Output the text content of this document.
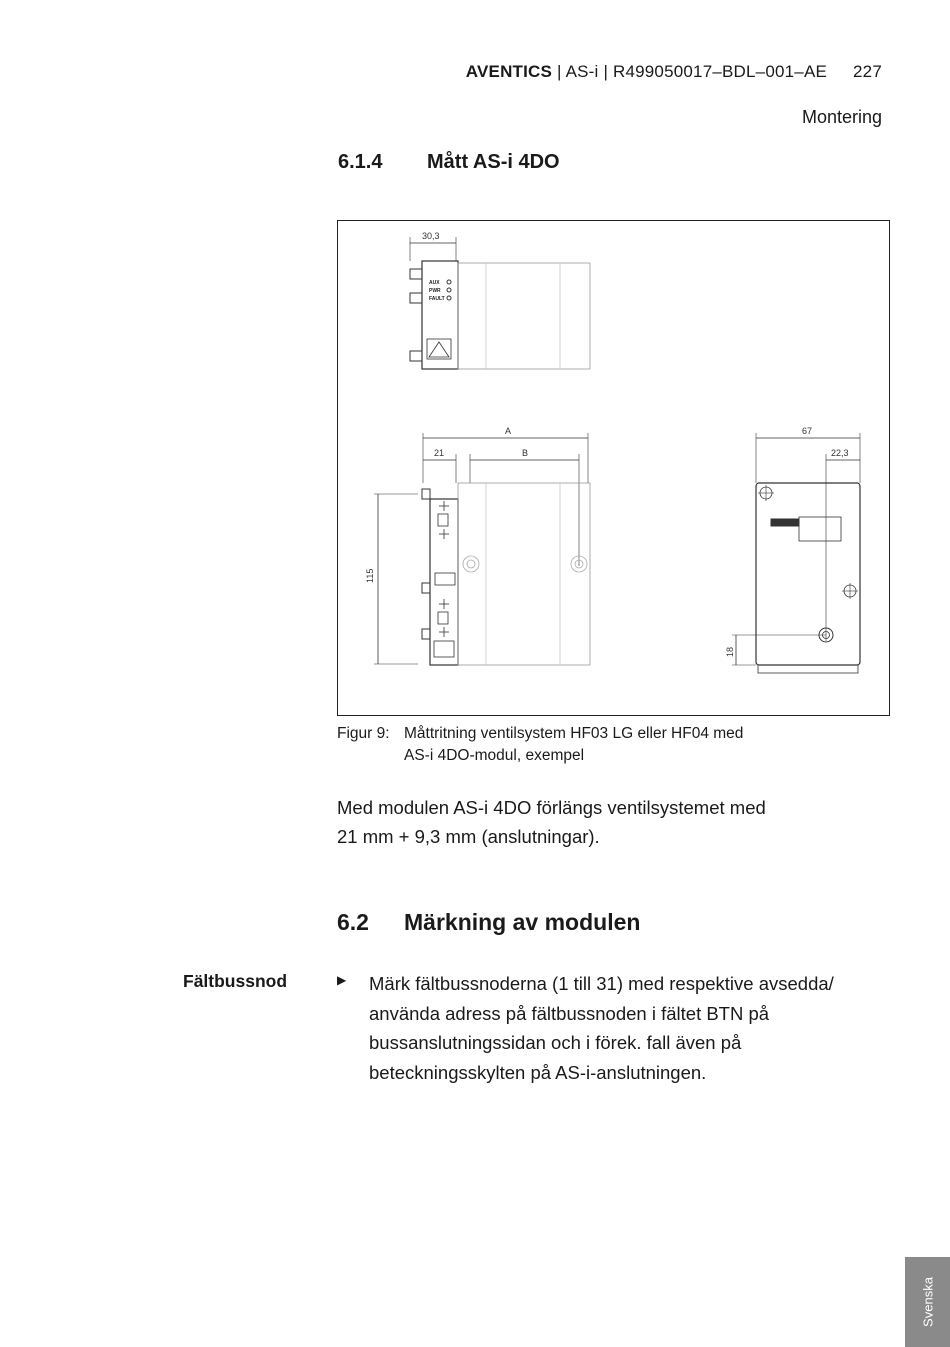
AVENTICS | AS-i | R499050017–BDL–001–AE 227
Montering
6.1.4 Mått AS-i 4DO
30,3
AUX
PWR
FAULT
A
21	B
115
67
22,3
18
Figur 9: Måttritning ventilsystem HF03 LG eller HF04 med
AS-i 4DO-modul, exempel
Med modulen AS-i 4DO förlängs ventilsystemet med
21 mm + 9,3 mm (anslutningar).
6.2 Märkning av modulen
Fältbussnod	▶ Märk fältbussnoderna (1 till 31) med respektive avsedda/
använda adress på fältbussnoden i fältet BTN på
bussanslutningssidan och i förek. fall även på
beteckningsskylten på AS-i-anslutningen.
Svenska
